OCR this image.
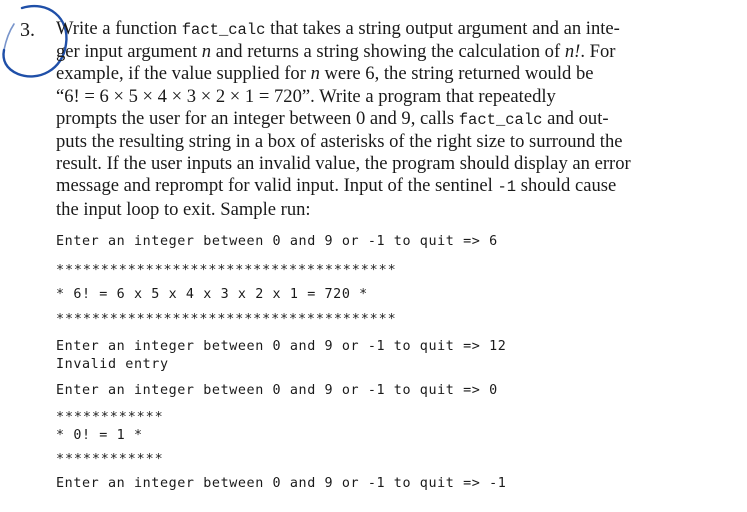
3. Write a function fact_calc that takes a string output argument and an inte-
ger input argument n and returns a string showing the calculation of n!. For
example, if the value supplied for n were 6, the string returned would be
“6! = 6 × 5 × 4 × 3 × 2 × 1 = 720”. Write a program that repeatedly
prompts the user for an integer between 0 and 9, calls fact_calc and out-
puts the resulting string in a box of asterisks of the right size to surround the
result. If the user inputs an invalid value, the program should display an error
message and reprompt for valid input. Input of the sentinel -1 should cause
the input loop to exit. Sample run:
Enter an integer between 0 and 9 or -1 to quit => 6
**************************************
* 6! = 6 x 5 x 4 x 3 x 2 x 1 = 720 *
**************************************
Enter an integer between 0 and 9 or -1 to quit => 12
Invalid entry
Enter an integer between 0 and 9 or -1 to quit => 0
************
* 0! = 1 *
************
Enter an integer between 0 and 9 or -1 to quit => -1
